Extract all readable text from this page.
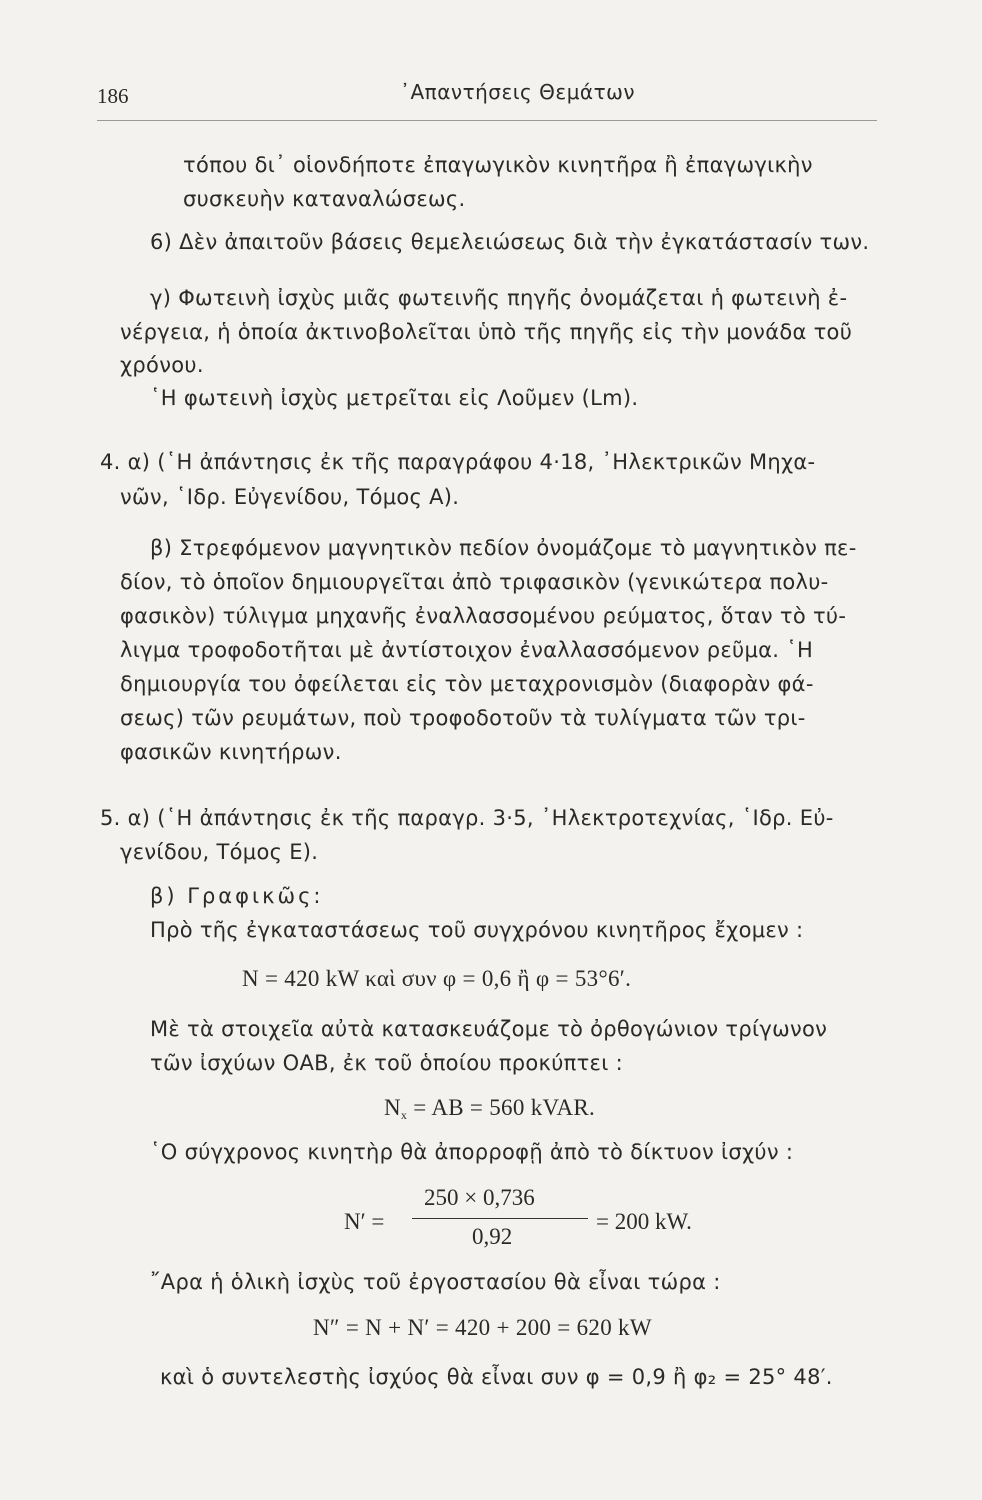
186	᾿Απαντήσεις Θεμάτων
τόπου δι᾿ οἱονδήποτε ἐπαγωγικὸν κινητῆρα ἢ ἐπαγωγικὴν
συσκευὴν καταναλώσεως.
6) Δὲν ἀπαιτοῦν βάσεις θεμελειώσεως διὰ τὴν ἐγκατάστασίν των.
γ) Φωτεινὴ ἰσχὺς μιᾶς φωτεινῆς πηγῆς ὀνομάζεται ἡ φωτεινὴ ἐ-
νέργεια, ἡ ὁποία ἀκτινοβολεῖται ὑπὸ τῆς πηγῆς εἰς τὴν μονάδα τοῦ
χρόνου.
῾Η φωτεινὴ ἰσχὺς μετρεῖται εἰς Λοῦμεν (Lm).
4. α) (῾Η ἀπάντησις ἐκ τῆς παραγράφου 4·18, ᾿Ηλεκτρικῶν Μηχα-
νῶν, ῾Ιδρ. Εὐγενίδου, Τόμος Α).
β) Στρεφόμενον μαγνητικὸν πεδίον ὀνομάζομε τὸ μαγνητικὸν πε-
δίον, τὸ ὁποῖον δημιουργεῖται ἀπὸ τριφασικὸν (γενικώτερα πολυ-
φασικὸν) τύλιγμα μηχανῆς ἐναλλασσομένου ρεύματος, ὅταν τὸ τύ-
λιγμα τροφοδοτῆται μὲ ἀντίστοιχον ἐναλλασσόμενον ρεῦμα. ῾Η
δημιουργία του ὀφείλεται εἰς τὸν μεταχρονισμὸν (διαφορὰν φά-
σεως) τῶν ρευμάτων, ποὺ τροφοδοτοῦν τὰ τυλίγματα τῶν τρι-
φασικῶν κινητήρων.
5. α) (῾Η ἀπάντησις ἐκ τῆς παραγρ. 3·5, ᾿Ηλεκτροτεχνίας, ῾Ιδρ. Εὐ-
γενίδου, Τόμος Ε).
β) Γραφικῶς:
Πρὸ τῆς ἐγκαταστάσεως τοῦ συγχρόνου κινητῆρος ἔχομεν :
Ν = 420 kW καὶ συν φ = 0,6 ἢ φ = 53°6′.
Μὲ τὰ στοιχεῖα αὐτὰ κατασκευάζομε τὸ ὀρθογώνιον τρίγωνον
τῶν ἰσχύων ΟΑΒ, ἐκ τοῦ ὁποίου προκύπτει :
$N_x$ = AB = 560 kVAR.
῾Ο σύγχρονος κινητὴρ θὰ ἀπορροφῇ ἀπὸ τὸ δίκτυον ἰσχύν :
N′ =
250 × 0,736
0,92
= 200 kW.
῎Αρα ἡ ὁλικὴ ἰσχὺς τοῦ ἐργοστασίου θὰ εἶναι τώρα :
N″ = N + N′ = 420 + 200 = 620 kW
καὶ ὁ συντελεστὴς ἰσχύος θὰ εἶναι συν φ = 0,9 ἢ φ₂ = 25° 48′.
